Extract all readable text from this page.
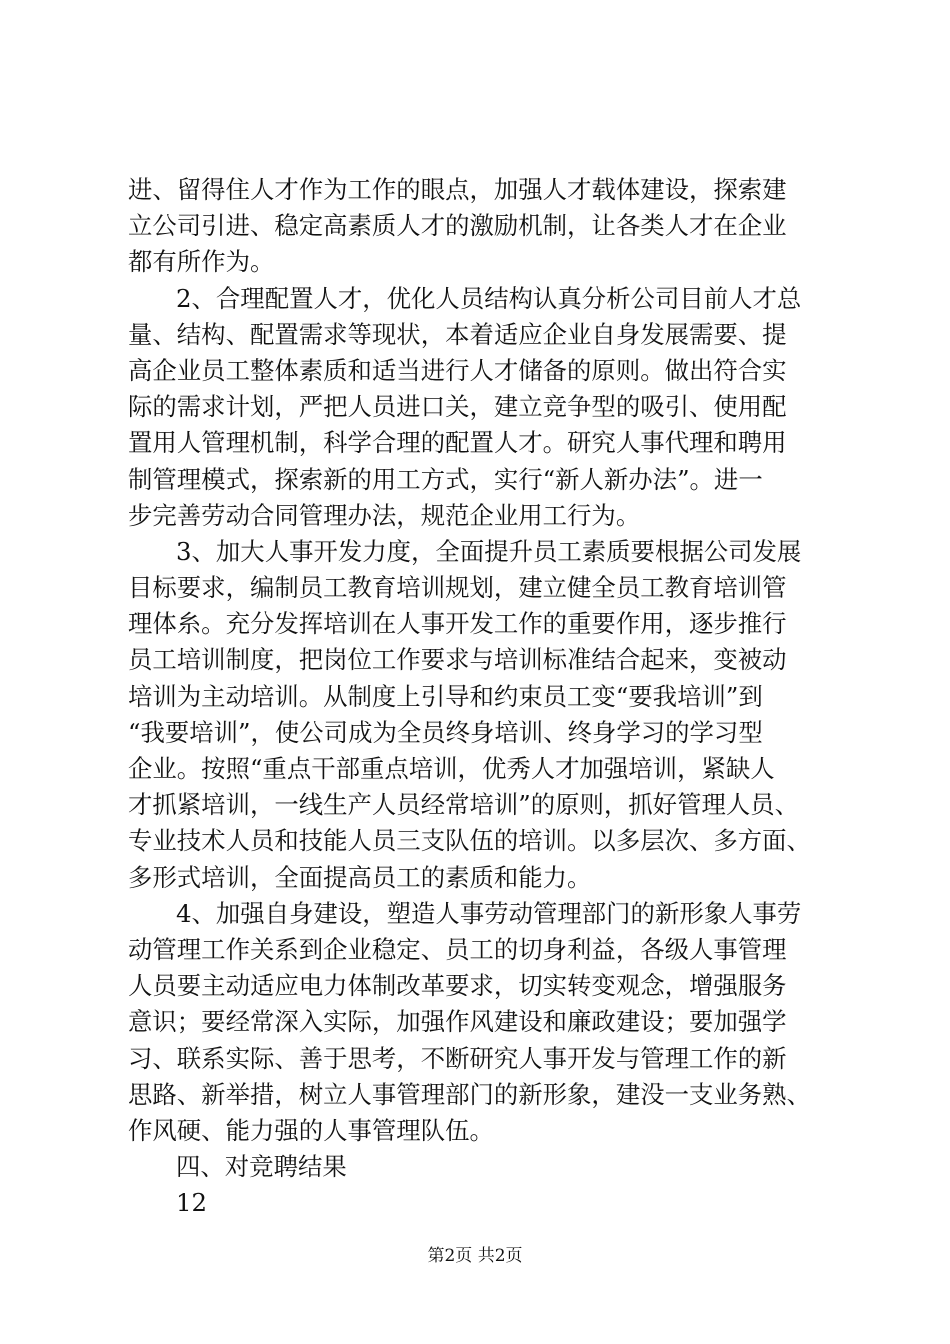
进、留得住人才作为工作的眼点，加强人才载体建设，探索建
立公司引进、稳定高素质人才的激励机制，让各类人才在企业
都有所作为。
2、合理配置人才，优化人员结构认真分析公司目前人才总
量、结构、配置需求等现状，本着适应企业自身发展需要、提
高企业员工整体素质和适当进行人才储备的原则。做出符合实
际的需求计划，严把人员进口关，建立竞争型的吸引、使用配
置用人管理机制，科学合理的配置人才。研究人事代理和聘用
制管理模式，探索新的用工方式，实行“新人新办法”。进一
步完善劳动合同管理办法，规范企业用工行为。
3、加大人事开发力度，全面提升员工素质要根据公司发展
目标要求，编制员工教育培训规划，建立健全员工教育培训管
理体糸。充分发挥培训在人事开发工作的重要作用，逐步推行
员工培训制度，把岗位工作要求与培训标准结合起来，变被动
培训为主动培训。从制度上引导和约束员工变“要我培训”到
“我要培训”，使公司成为全员终身培训、终身学习的学习型
企业。按照“重点干部重点培训，优秀人才加强培训，紧缺人
才抓紧培训，一线生产人员经常培训”的原则，抓好管理人员、
专业技术人员和技能人员三支队伍的培训。以多层次、多方面、
多形式培训，全面提高员工的素质和能力。
4、加强自身建设，塑造人事劳动管理部门的新形象人事劳
动管理工作关系到企业稳定、员工的切身利益，各级人事管理
人员要主动适应电力体制改革要求，切实转变观念，增强服务
意识；要经常深入实际，加强作风建设和廉政建设；要加强学
习、联系实际、善于思考，不断研究人事开发与管理工作的新
思路、新举措，树立人事管理部门的新形象，建没一支业务熟、
作风硬、能力强的人事管理队伍。
四、对竞聘结果
12
第2页 共2页
